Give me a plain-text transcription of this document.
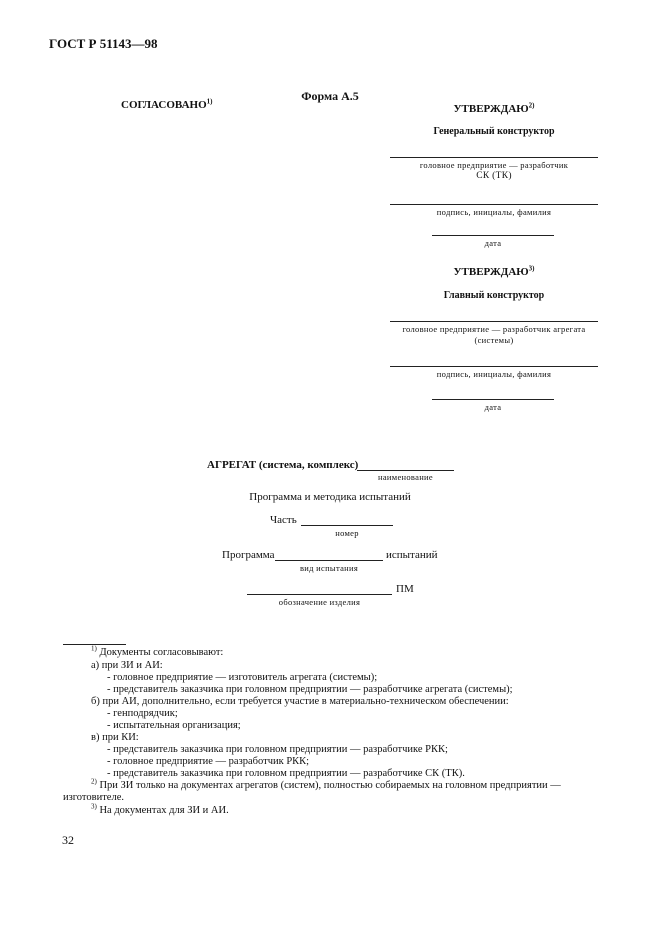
ГОСТ Р 51143—98
Форма А.5
СОГЛАСОВАНО$^{1)}$
УТВЕРЖДАЮ$^{2)}$
Генеральный конструктор
головное предприятие — разработчик
СК (ТК)
подпись, инициалы, фамилия
дата
УТВЕРЖДАЮ$^{3)}$
Главный конструктор
головное предприятие — разработчик агрегата
(системы)
подпись, инициалы, фамилия
дата
АГРЕГАТ (система, комплекс)
наименование
Программа и методика испытаний
Часть
номер
Программа	испытаний
вид испытания
ПМ
обозначение изделия
$^{1)}$ Документы согласовывают:
а) при ЗИ и АИ:
- головное предприятие — изготовитель агрегата (системы);
- представитель заказчика при головном предприятии — разработчике агрегата (системы);
б) при АИ, дополнительно, если требуется участие в материально-техническом обеспечении:
- генподрядчик;
- испытательная организация;
в) при КИ:
- представитель заказчика при головном предприятии — разработчике РКК;
- головное предприятие — разработчик РКК;
- представитель заказчика при головном предприятии — разработчике СК (ТК).
$^{2)}$ При ЗИ только на документах агрегатов (систем), полностью собираемых на головном предприятии —
изготовителе.
$^{3)}$ На документах для ЗИ и АИ.
32
